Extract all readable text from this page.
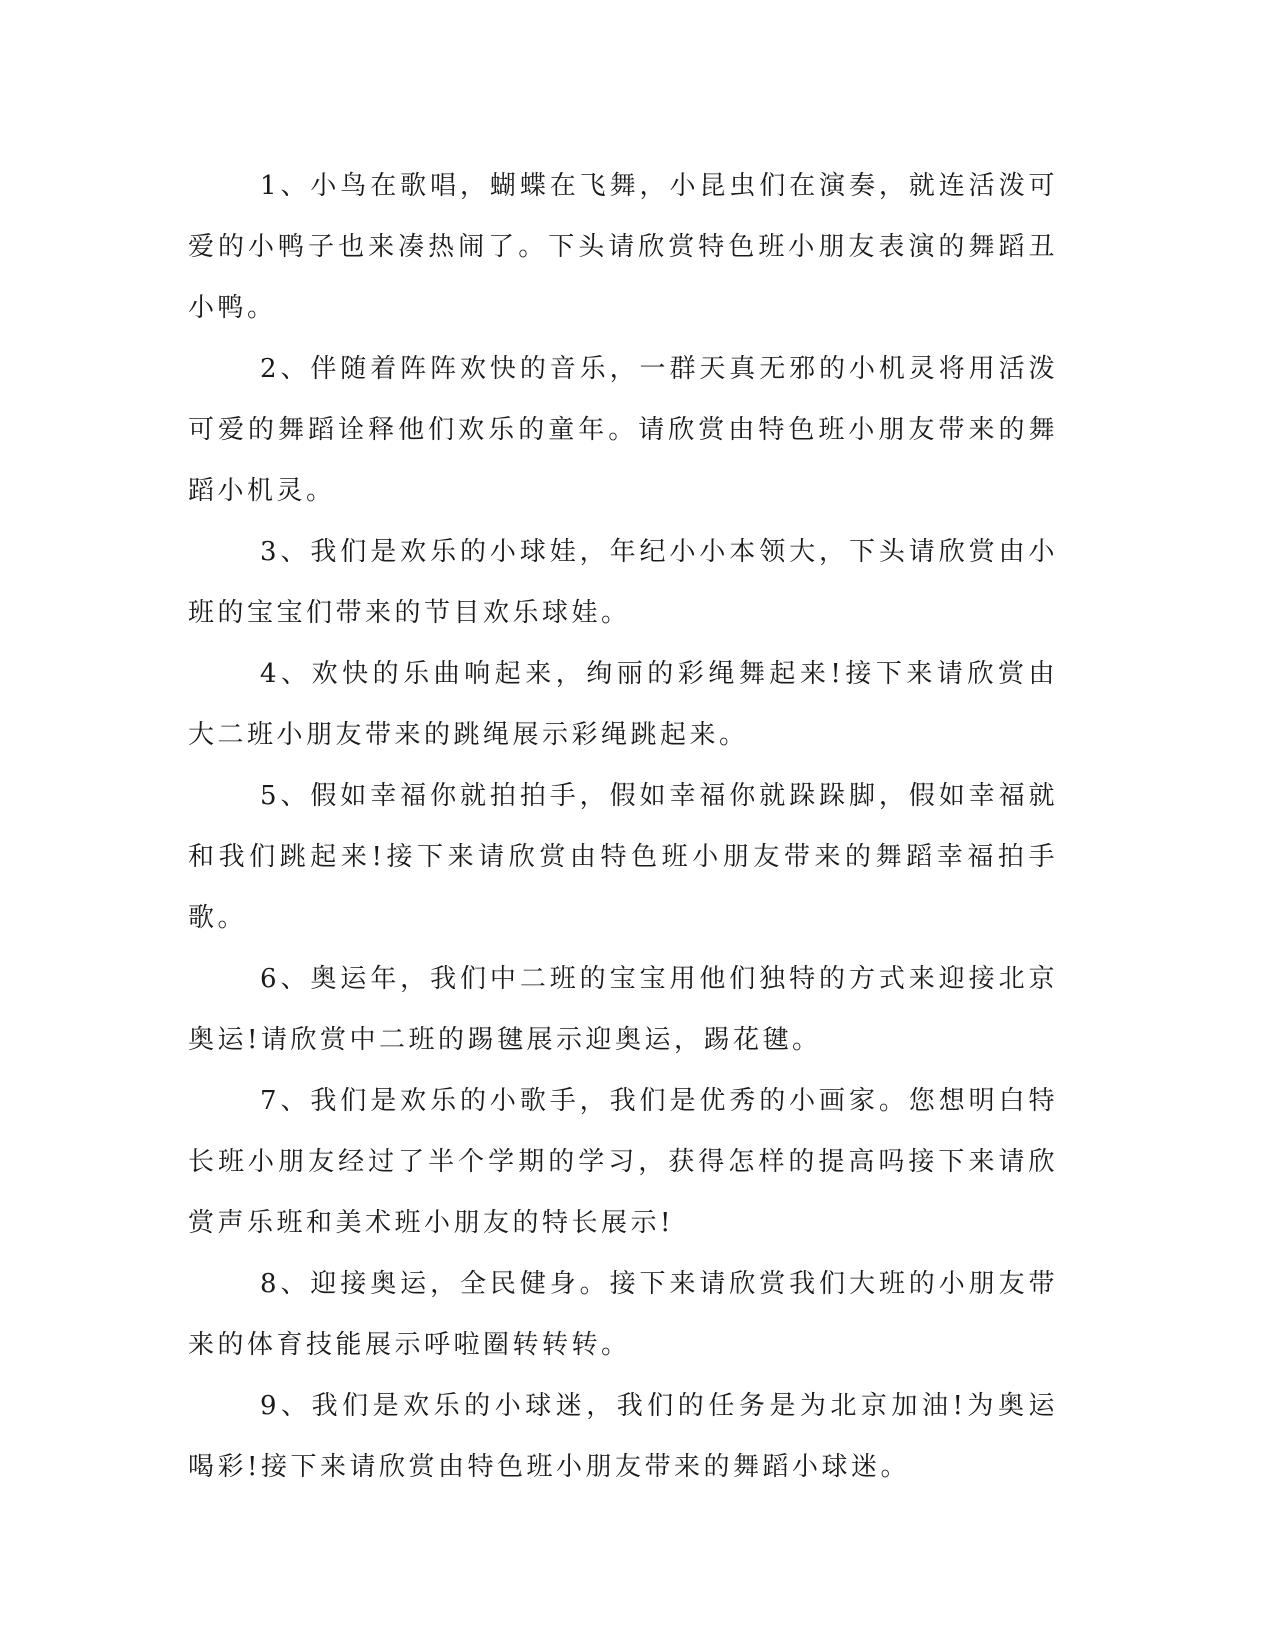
1、小鸟在歌唱，蝴蝶在飞舞，小昆虫们在演奏，就连活泼可爱的小鸭子也来凑热闹了。下头请欣赏特色班小朋友表演的舞蹈丑小鸭。

2、伴随着阵阵欢快的音乐，一群天真无邪的小机灵将用活泼可爱的舞蹈诠释他们欢乐的童年。请欣赏由特色班小朋友带来的舞蹈小机灵。

3、我们是欢乐的小球娃，年纪小小本领大，下头请欣赏由小班的宝宝们带来的节目欢乐球娃。

4、欢快的乐曲响起来，绚丽的彩绳舞起来!接下来请欣赏由大二班小朋友带来的跳绳展示彩绳跳起来。

5、假如幸福你就拍拍手，假如幸福你就跺跺脚，假如幸福就和我们跳起来!接下来请欣赏由特色班小朋友带来的舞蹈幸福拍手歌。

6、奥运年，我们中二班的宝宝用他们独特的方式来迎接北京奥运!请欣赏中二班的踢毽展示迎奥运，踢花毽。

7、我们是欢乐的小歌手，我们是优秀的小画家。您想明白特长班小朋友经过了半个学期的学习，获得怎样的提高吗接下来请欣赏声乐班和美术班小朋友的特长展示!

8、迎接奥运，全民健身。接下来请欣赏我们大班的小朋友带来的体育技能展示呼啦圈转转转。

9、我们是欢乐的小球迷，我们的任务是为北京加油!为奥运喝彩!接下来请欣赏由特色班小朋友带来的舞蹈小球迷。
